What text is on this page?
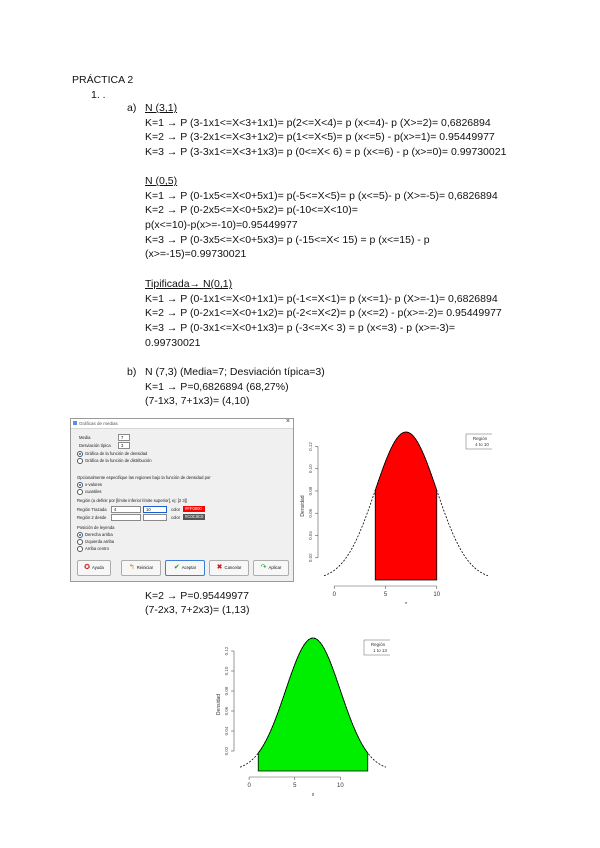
PRÁCTICA 2
1. .
a) N (3,1)
K=1 → P (3-1x1<=X<3+1x1)= p(2<=X<4)= p (x<=4)- p (X>=2)= 0,6826894
K=2 → P (3-2x1<=X<3+1x2)= p(1<=X<5)= p (x<=5) - p(x>=1)= 0.95449977
K=3 → P (3-3x1<=X<3+1x3)= p (0<=X< 6) = p (x<=6) - p (x>=0)= 0.99730021
N (0,5)
K=1 → P (0-1x5<=X<0+5x1)= p(-5<=X<5)= p (x<=5)- p (X>=-5)= 0,6826894
K=2 → P (0-2x5<=X<0+5x2)= p(-10<=X<10)=
p(x<=10)-p(x>=-10)=0.95449977
K=3 → P (0-3x5<=X<0+5x3)= p (-15<=X< 15) = p (x<=15) - p
(x>=-15)=0.99730021
Tipificada→ N(0,1)
K=1 → P (0-1x1<=X<0+1x1)= p(-1<=X<1)= p (x<=1)- p (X>=-1)= 0,6826894
K=2 → P (0-2x1<=X<0+1x2)= p(-2<=X<2)= p (x<=2) - p(x>=-2)= 0.95449977
K=3 → P (0-3x1<=X<0+1x3)= p (-3<=X< 3) = p (x<=3) - p (x>=-3)=
0.99730021
b) N (7,3) (Media=7; Desviación típica=3)
K=1 → P=0,6826894 (68,27%)
(7-1x3, 7+1x3)= (4,10)
K=2 → P=0.95449977
(7-2x3, 7+2x3)= (1,13)
Gráficas de medias	×
Media	7
Desviación típica 3
Gráfica de la función de densidad
Gráfica de la función de distribución
Opcionalmente especifique las regiones bajo la función de densidad por
x-valores
cuantiles
Región (a definir por [límite inferior límite superior], ej: [2 3])
Región Trazada 4	10	color #FF0000
Región 2 desde	color #C0C0C0
Posición de leyenda
Derecha arriba
Izquierda arriba
Arriba centro
✪ Ayuda	↰ Reiniciar	✔ Aceptar	✖ Cancelar	↷ Aplicar
0	5	10
x
0.02
0.04
0.06
0.08
0.10
0.12
Densidad
Región
4 to 10
0	5	10
x
0.02
0.04
0.06
0.08
0.10
0.12
Densidad
Región
1 to 13
